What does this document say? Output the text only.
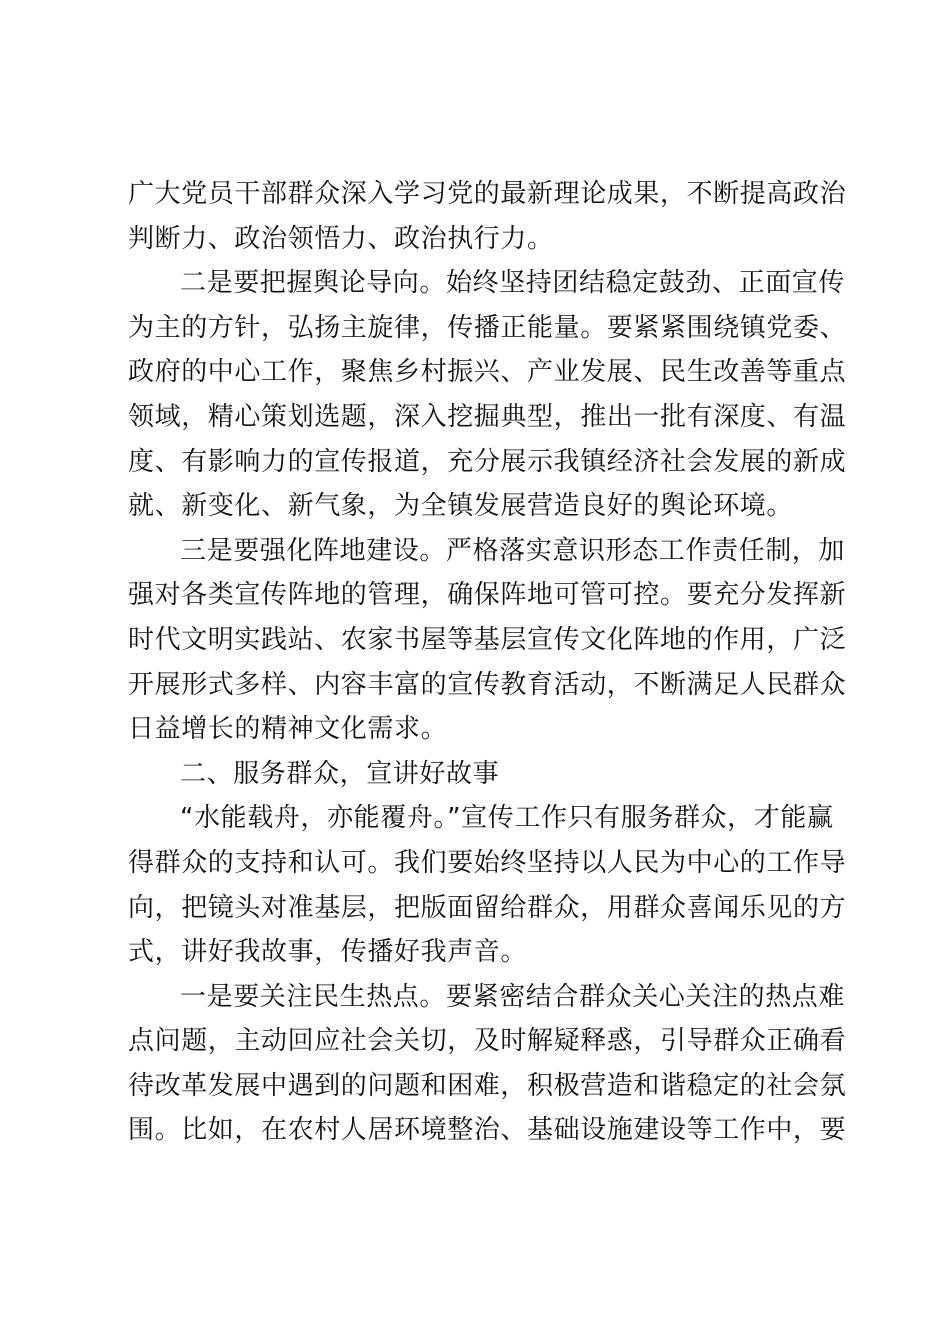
广大党员干部群众深入学习党的最新理论成果，不断提高政治
判断力、政治领悟力、政治执行力。
二是要把握舆论导向。始终坚持团结稳定鼓劲、正面宣传
为主的方针，弘扬主旋律，传播正能量。要紧紧围绕镇党委、
政府的中心工作，聚焦乡村振兴、产业发展、民生改善等重点
领域，精心策划选题，深入挖掘典型，推出一批有深度、有温
度、有影响力的宣传报道，充分展示我镇经济社会发展的新成
就、新变化、新气象，为全镇发展营造良好的舆论环境。
三是要强化阵地建设。严格落实意识形态工作责任制，加
强对各类宣传阵地的管理，确保阵地可管可控。要充分发挥新
时代文明实践站、农家书屋等基层宣传文化阵地的作用，广泛
开展形式多样、内容丰富的宣传教育活动，不断满足人民群众
日益增长的精神文化需求。
二、服务群众，宣讲好故事
“水能载舟，亦能覆舟。”宣传工作只有服务群众，才能赢
得群众的支持和认可。我们要始终坚持以人民为中心的工作导
向，把镜头对准基层，把版面留给群众，用群众喜闻乐见的方
式，讲好我故事，传播好我声音。
一是要关注民生热点。要紧密结合群众关心关注的热点难
点问题，主动回应社会关切，及时解疑释惑，引导群众正确看
待改革发展中遇到的问题和困难，积极营造和谐稳定的社会氛
围。比如，在农村人居环境整治、基础设施建设等工作中，要
